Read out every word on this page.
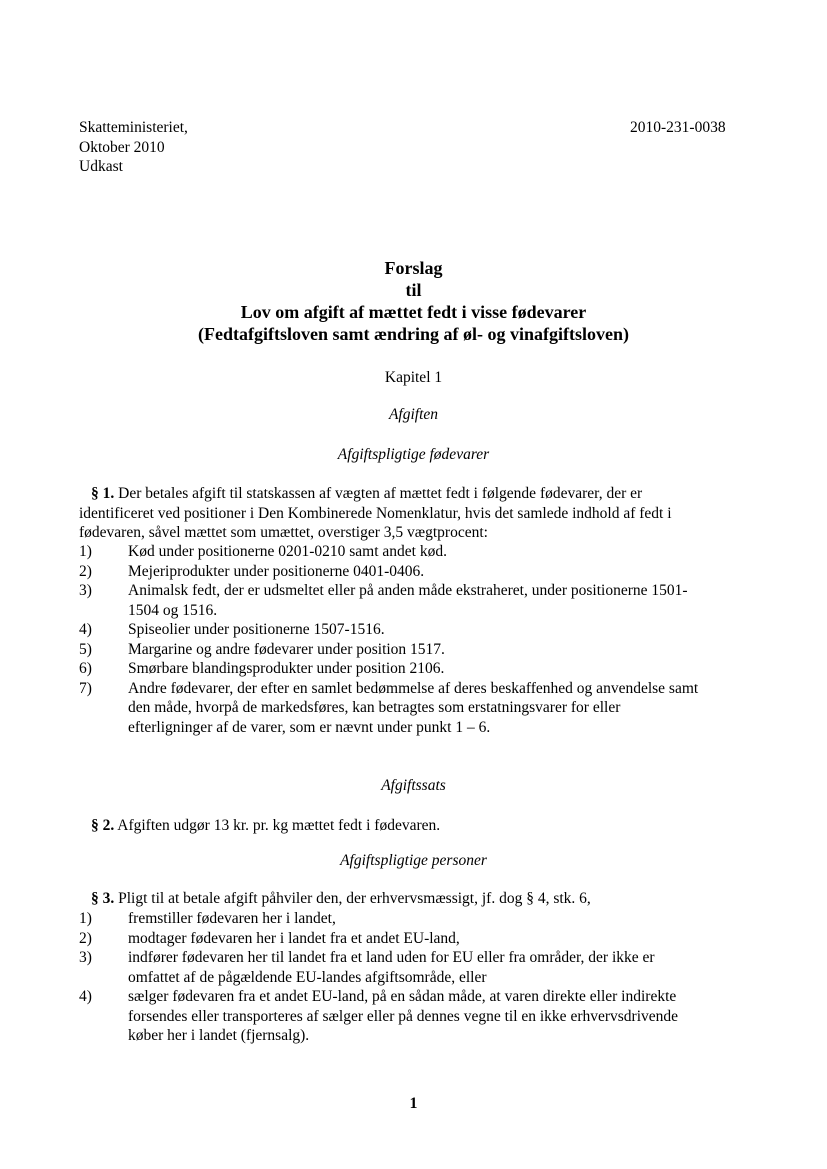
Skatteministeriet,
Oktober 2010
Udkast
2010-231-0038
Forslag
til
Lov om afgift af mættet fedt i visse fødevarer
(Fedtafgiftsloven samt ændring af øl- og vinafgiftsloven)
Kapitel 1
Afgiften
Afgiftspligtige fødevarer
§ 1. Der betales afgift til statskassen af vægten af mættet fedt i følgende fødevarer, der er
identificeret ved positioner i Den Kombinerede Nomenklatur, hvis det samlede indhold af fedt i
fødevaren, såvel mættet som umættet, overstiger 3,5 vægtprocent:
1)	Kød under positionerne 0201-0210 samt andet kød.
2)	Mejeriprodukter under positionerne 0401-0406.
3)	Animalsk fedt, der er udsmeltet eller på anden måde ekstraheret, under positionerne 1501-
1504 og 1516.
4)	Spiseolier under positionerne 1507-1516.
5)	Margarine og andre fødevarer under position 1517.
6)	Smørbare blandingsprodukter under position 2106.
7)	Andre fødevarer, der efter en samlet bedømmelse af deres beskaffenhed og anvendelse samt
den måde, hvorpå de markedsføres, kan betragtes som erstatningsvarer for eller
efterligninger af de varer, som er nævnt under punkt 1 – 6.
Afgiftssats
§ 2. Afgiften udgør 13 kr. pr. kg mættet fedt i fødevaren.
Afgiftspligtige personer
§ 3. Pligt til at betale afgift påhviler den, der erhvervsmæssigt, jf. dog § 4, stk. 6,
1)	fremstiller fødevaren her i landet,
2)	modtager fødevaren her i landet fra et andet EU-land,
3)	indfører fødevaren her til landet fra et land uden for EU eller fra områder, der ikke er
omfattet af de pågældende EU-landes afgiftsområde, eller
4)	sælger fødevaren fra et andet EU-land, på en sådan måde, at varen direkte eller indirekte
forsendes eller transporteres af sælger eller på dennes vegne til en ikke erhvervsdrivende
køber her i landet (fjernsalg).
1
